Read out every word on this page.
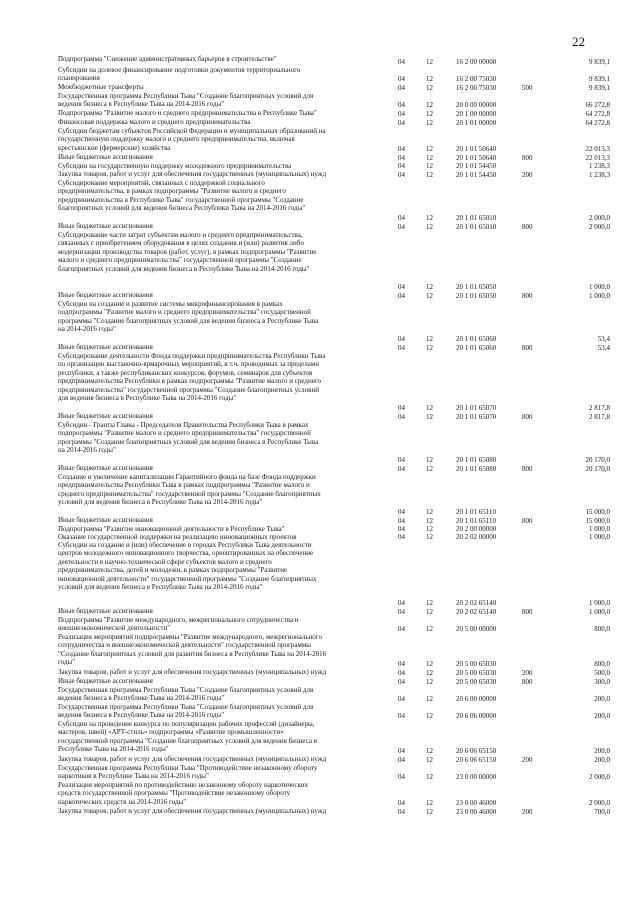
22
Подпрограмма "Снижение административных барьеров в строительстве"	04	12	16 2 00 00000	9 839,1
Субсидии на долевое финансирование подготовки документов территориального
планирования	04	12	16 2 00 75030	9 839,1
Межбюджетные трансферты	04	12	16 2 00 75030	500	9 839,1
Государственная программа Республики Тыва "Создание благоприятных условий для
ведения бизнеса в Республике Тыва на 2014-2016 годы"	04	12	20 0 00 00000	66 272,8
Подпрограмма "Развитие малого и среднего предпринимательства в Республике Тыва"	04	12	20 1 00 00000	64 272,8
Финансовая поддержка малого и среднего предпринимательства	04	12	20 1 01 00000	64 272,8
Субсидии бюджетам субъектов Российской Федерации и муниципальных образований на
государственную поддержку малого и среднего предпринимательства, включая
крестьянские (фермерские) хозяйства	04	12	20 1 01 50640	22 013,3
Иные бюджетные ассигнования	04	12	20 1 01 50640	800	22 013,3
Субсидии на государственную поддержку молодежного предпринимательства	04	12	20 1 01 54450	1 238,3
Закупка товаров, работ и услуг для обеспечения государственных (муниципальных) нужд	04	12	20 1 01 54450	200	1 238,3
Субсидирование мероприятий, связанных с поддержкой социального
предпринимательства, в рамках подпрограммы "Развитие малого и среднего
предпринимательства в Республике Тыва" государственной программы "Создание
благоприятных условий для ведения бизнеса Республики Тыва на 2014-2016 годы"
04	12	20 1 01 65010	2 000,0
Иные бюджетные ассигнования	04	12	20 1 01 65010	800	2 000,0
Субсидирование части затрат субъектам малого и среднего предпринимательства,
связанных с приобретением оборудования в целях создания и (или) развития либо
модернизации производства товаров (работ, услуг), в рамках подпрограммы "Развитие
малого и среднего предпринимательства" государственной программы "Создание
благоприятных условий для ведения бизнеса в Республике Тыва на 2014-2016 годы"
04	12	20 1 01 65050	1 000,0
Иные бюджетные ассигнования	04	12	20 1 01 65050	800	1 000,0
Субсидии на создание и развитие системы микрофинансирования в рамках
подпрограммы "Развитие малого и среднего предпринимательства" государственной
программы "Создание благоприятных условий для ведения бизнеса в Республике Тыва
на 2014-2016 годы"
04	12	20 1 01 65060	53,4
Иные бюджетные ассигнования	04	12	20 1 01 65060	800	53,4
Субсидирование деятельности Фонда поддержки предпринимательства Республики Тыва
по организации выставочно-ярмарочных мероприятий, в т.ч. проводимых за пределами
республики, а также республиканских конкурсов, форумов, семинаров для субъектов
предпринимательства Республики в рамках подпрограммы "Развитие малого и среднего
предпринимательства" государственной программы "Создание благоприятных условий
для ведения бизнеса в Республике Тыва на 2014-2016 годы"
04	12	20 1 01 65070	2 817,8
Иные бюджетные ассигнования	04	12	20 1 01 65070	800	2 817,8
Субсидии - Гранты Главы - Председателя Правительства Республики Тыва в рамках
подпрограммы "Развитие малого и среднего предпринимательства" государственной
программы "Создание благоприятных условий для ведения бизнеса в Республике Тыва
на 2014-2016 годы"
04	12	20 1 01 65080	20 170,0
Иные бюджетные ассигнования	04	12	20 1 01 65080	800	20 170,0
Создание и увеличение капитализации Гарантийного фонда на базе Фонда поддержки
предпринимательства Республики Тыва в рамках подпрограммы "Развитие малого и
среднего предпринимательства" государственной программы "Создание благоприятных
условий для ведения бизнеса в Республике Тыва на 2014-2016 годы"
04	12	20 1 01 65110	15 000,0
Иные бюджетные ассигнования	04	12	20 1 01 65110	800	15 000,0
Подпрограмма "Развитие инновационной деятельности в Республике Тыва"	04	12	20 2 00 00000	1 000,0
Оказание государственной поддержки на реализацию инновационных проектов	04	12	20 2 02 00000	1 000,0
Субсидии на создание и (или) обеспечение в городах Республики Тыва деятельности
центров молодежного инновационного творчества, ориентированных на обеспечение
деятельности в научно-технической сфере субъектов малого и среднего
предпринимательства, детей и молодежи, в рамках подпрограммы "Развитие
инновационной деятельности" государственной программы "Создание благоприятных
условий для ведения бизнеса в Республике Тыва на 2014-2016 годы"
04	12	20 2 02 65140	1 000,0
Иные бюджетные ассигнования	04	12	20 2 02 65140	800	1 000,0
Подпрограмма "Развитие международного, межрегионального сотрудничества и
внешнеэкономической деятельности"	04	12	20 5 00 00000	800,0
Реализация мероприятий подпрограммы "Развитие международного, межрегионального
сотрудничества и внешнеэкономической деятельности" государственной программы
"Создание благоприятных условий для развития бизнеса в Республике Тыва на 2014-2016
годы"	04	12	20 5 00 65030	800,0
Закупка товаров, работ и услуг для обеспечения государственных (муниципальных) нужд	04	12	20 5 00 65030	200	500,0
Иные бюджетные ассигнования	04	12	20 5 00 65030	800	300,0
Государственная программа Республики Тыва "Создание благоприятных условий для
ведения бизнеса в Республике Тыва на 2014-2016 годы"	04	12	20 6 00 00000	200,0
Государственная программа Республики Тыва "Создание благоприятных условий для
ведения бизнеса в Республике Тыва на 2014-2016 годы"	04	12	20 6 06 00000	200,0
Субсидии на проведение конкурса по популяризации рабочих профессий (дизайнеры,
мастеров, швей) «АРТ-стиль» подпрограммы «Развитие промышленности»
государственной программы "Создание благоприятных условий для ведения бизнеса в
Республике Тыва на 2014-2016 годы"	04	12	20 6 06 65150	200,0
Закупка товаров, работ и услуг для обеспечения государственных (муниципальных) нужд	04	12	20 6 06 65150	200	200,0
Государственная программа Республики Тыва "Противодействие незаконному обороту
наркотиков в Республике Тыва на 2014-2016 годы"	04	12	23 0 00 00000	2 000,0
Реализация мероприятий по противодействию незаконному обороту наркотических
средств государственной программы "Противодействие незаконному обороту
наркотических средств на 2014-2016 годы"	04	12	23 0 00 46000	2 000,0
Закупка товаров, работ и услуг для обеспечения государственных (муниципальных) нужд	04	12	23 0 00 46000	200	700,0
